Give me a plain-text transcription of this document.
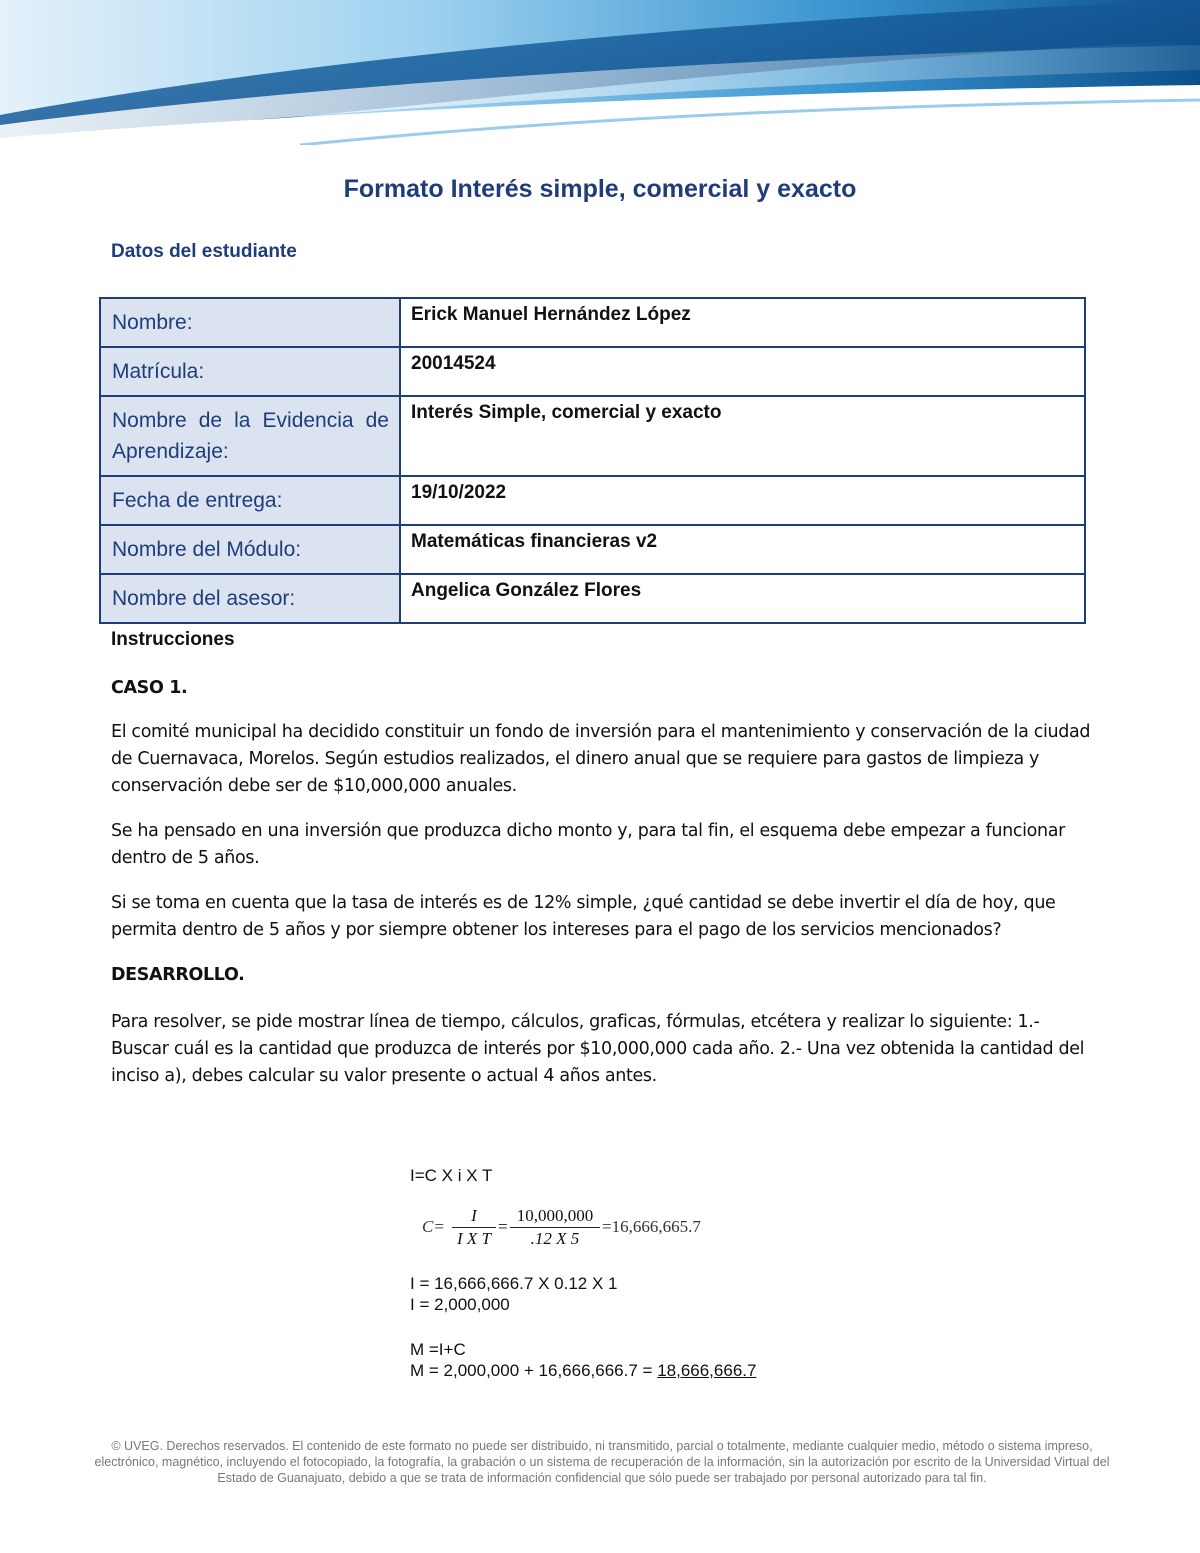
Formato Interés simple, comercial y exacto
Datos del estudiante
Nombre:	Erick Manuel Hernández López
Matrícula:	20014524
Nombre de la Evidencia de Aprendizaje:	Interés Simple, comercial y exacto
Fecha de entrega:	19/10/2022
Nombre del Módulo:	Matemáticas financieras v2
Nombre del asesor:	Angelica González Flores
Instrucciones
CASO 1.
El comité municipal ha decidido constituir un fondo de inversión para el mantenimiento y conservación de la ciudad de Cuernavaca, Morelos. Según estudios realizados, el dinero anual que se requiere para gastos de limpieza y conservación debe ser de $10,000,000 anuales.
Se ha pensado en una inversión que produzca dicho monto y, para tal fin, el esquema debe empezar a funcionar dentro de 5 años.
Si se toma en cuenta que la tasa de interés es de 12% simple, ¿qué cantidad se debe invertir el día de hoy, que permita dentro de 5 años y por siempre obtener los intereses para el pago de los servicios mencionados?
DESARROLLO.
Para resolver, se pide mostrar línea de tiempo, cálculos, graficas, fórmulas, etcétera y realizar lo siguiente: 1.- Buscar cuál es la cantidad que produzca de interés por $10,000,000 cada año. 2.- Una vez obtenida la cantidad del inciso a), debes calcular su valor presente o actual 4 años antes.
I=C X i X T
C=
I
I X T
=
10,000,000
.12 X 5
=16,666,665.7
I = 16,666,666.7 X 0.12 X 1
I = 2,000,000
M =I+C
M = 2,000,000 + 16,666,666.7 = 18,666,666.7
© UVEG. Derechos reservados. El contenido de este formato no puede ser distribuido, ni transmitido, parcial o totalmente, mediante cualquier medio, método o sistema impreso, electrónico, magnético, incluyendo el fotocopiado, la fotografía, la grabación o un sistema de recuperación de la información, sin la autorización por escrito de la Universidad Virtual del Estado de Guanajuato, debido a que se trata de información confidencial que sólo puede ser trabajado por personal autorizado para tal fin.
